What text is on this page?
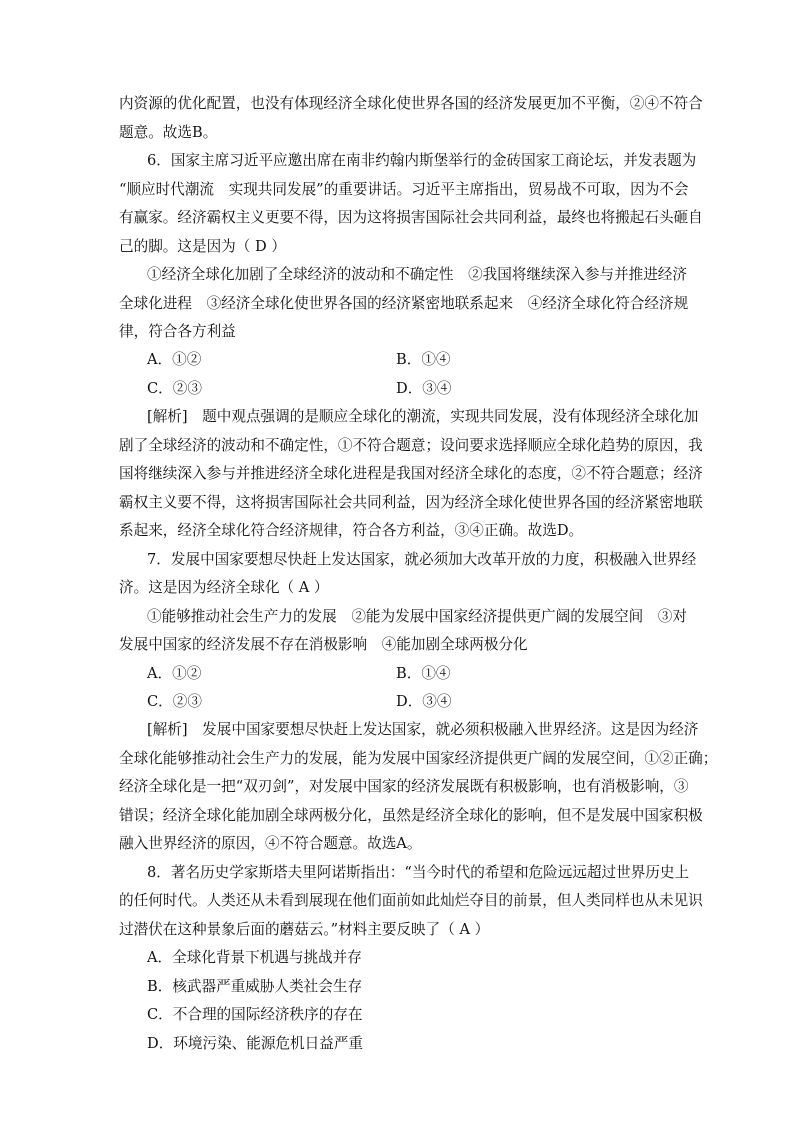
内资源的优化配置，也没有体现经济全球化使世界各国的经济发展更加不平衡，②④不符合
题意。故选B。
6．国家主席习近平应邀出席在南非约翰内斯堡举行的金砖国家工商论坛，并发表题为
“顺应时代潮流　实现共同发展”的重要讲话。习近平主席指出，贸易战不可取，因为不会
有赢家。经济霸权主义更要不得，因为这将损害国际社会共同利益，最终也将搬起石头砸自
己的脚。这是因为（ D ）
①经济全球化加剧了全球经济的波动和不确定性　②我国将继续深入参与并推进经济
全球化进程　③经济全球化使世界各国的经济紧密地联系起来　④经济全球化符合经济规
律，符合各方利益
A．①②	B．①④
C．②③	D．③④
[解析]　题中观点强调的是顺应全球化的潮流，实现共同发展，没有体现经济全球化加
剧了全球经济的波动和不确定性，①不符合题意；设问要求选择顺应全球化趋势的原因，我
国将继续深入参与并推进经济全球化进程是我国对经济全球化的态度，②不符合题意；经济
霸权主义要不得，这将损害国际社会共同利益，因为经济全球化使世界各国的经济紧密地联
系起来，经济全球化符合经济规律，符合各方利益，③④正确。故选D。
7．发展中国家要想尽快赶上发达国家，就必须加大改革开放的力度，积极融入世界经
济。这是因为经济全球化（ A ）
①能够推动社会生产力的发展　②能为发展中国家经济提供更广阔的发展空间　③对
发展中国家的经济发展不存在消极影响　④能加剧全球两极分化
A．①②	B．①④
C．②③	D．③④
[解析]　发展中国家要想尽快赶上发达国家，就必须积极融入世界经济。这是因为经济
全球化能够推动社会生产力的发展，能为发展中国家经济提供更广阔的发展空间，①②正确；
经济全球化是一把“双刃剑”，对发展中国家的经济发展既有积极影响，也有消极影响，③
错误；经济全球化能加剧全球两极分化，虽然是经济全球化的影响，但不是发展中国家积极
融入世界经济的原因，④不符合题意。故选A。
8．著名历史学家斯塔夫里阿诺斯指出：“当今时代的希望和危险远远超过世界历史上
的任何时代。人类还从未看到展现在他们面前如此灿烂夺目的前景，但人类同样也从未见识
过潜伏在这种景象后面的蘑菇云。”材料主要反映了（ A ）
A．全球化背景下机遇与挑战并存
B．核武器严重威胁人类社会生存
C．不合理的国际经济秩序的存在
D．环境污染、能源危机日益严重
